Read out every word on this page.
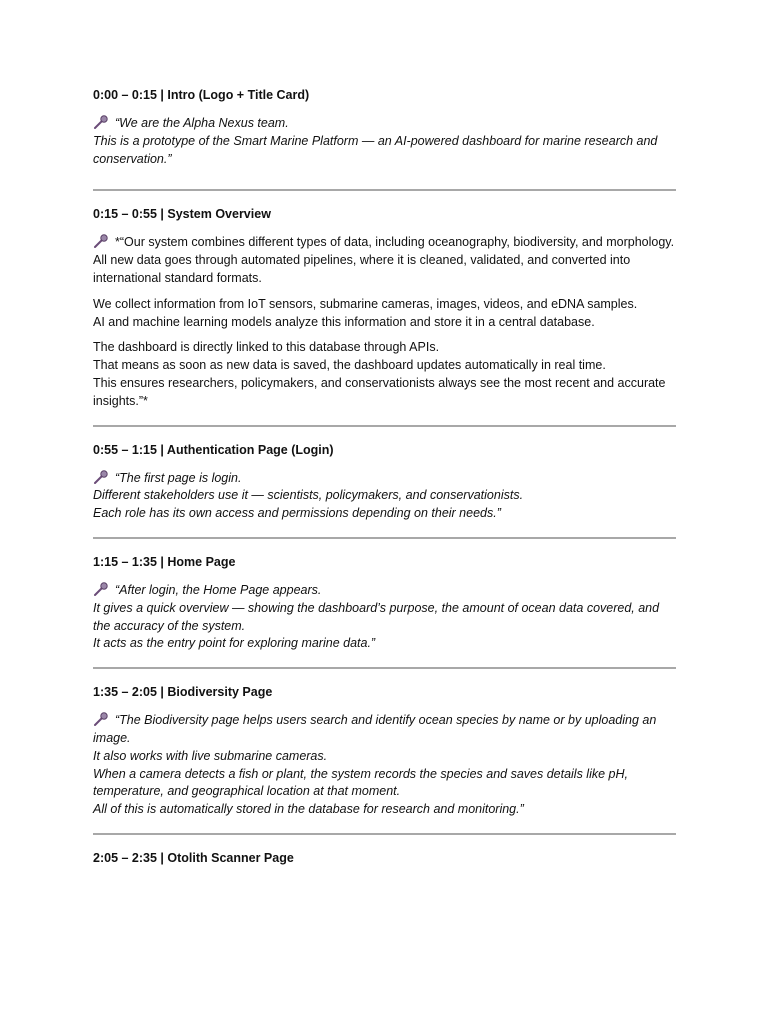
0:00 – 0:15 | Intro (Logo + Title Card)
“We are the Alpha Nexus team.
This is a prototype of the Smart Marine Platform — an AI-powered dashboard for marine research and conservation.”
0:15 – 0:55 | System Overview
*“Our system combines different types of data, including oceanography, biodiversity, and morphology.
All new data goes through automated pipelines, where it is cleaned, validated, and converted into international standard formats.
We collect information from IoT sensors, submarine cameras, images, videos, and eDNA samples.
AI and machine learning models analyze this information and store it in a central database.
The dashboard is directly linked to this database through APIs.
That means as soon as new data is saved, the dashboard updates automatically in real time.
This ensures researchers, policymakers, and conservationists always see the most recent and accurate insights.”*
0:55 – 1:15 | Authentication Page (Login)
“The first page is login.
Different stakeholders use it — scientists, policymakers, and conservationists.
Each role has its own access and permissions depending on their needs.”
1:15 – 1:35 | Home Page
“After login, the Home Page appears.
It gives a quick overview — showing the dashboard’s purpose, the amount of ocean data covered, and the accuracy of the system.
It acts as the entry point for exploring marine data.”
1:35 – 2:05 | Biodiversity Page
“The Biodiversity page helps users search and identify ocean species by name or by uploading an image.
It also works with live submarine cameras.
When a camera detects a fish or plant, the system records the species and saves details like pH, temperature, and geographical location at that moment.
All of this is automatically stored in the database for research and monitoring.”
2:05 – 2:35 | Otolith Scanner Page
